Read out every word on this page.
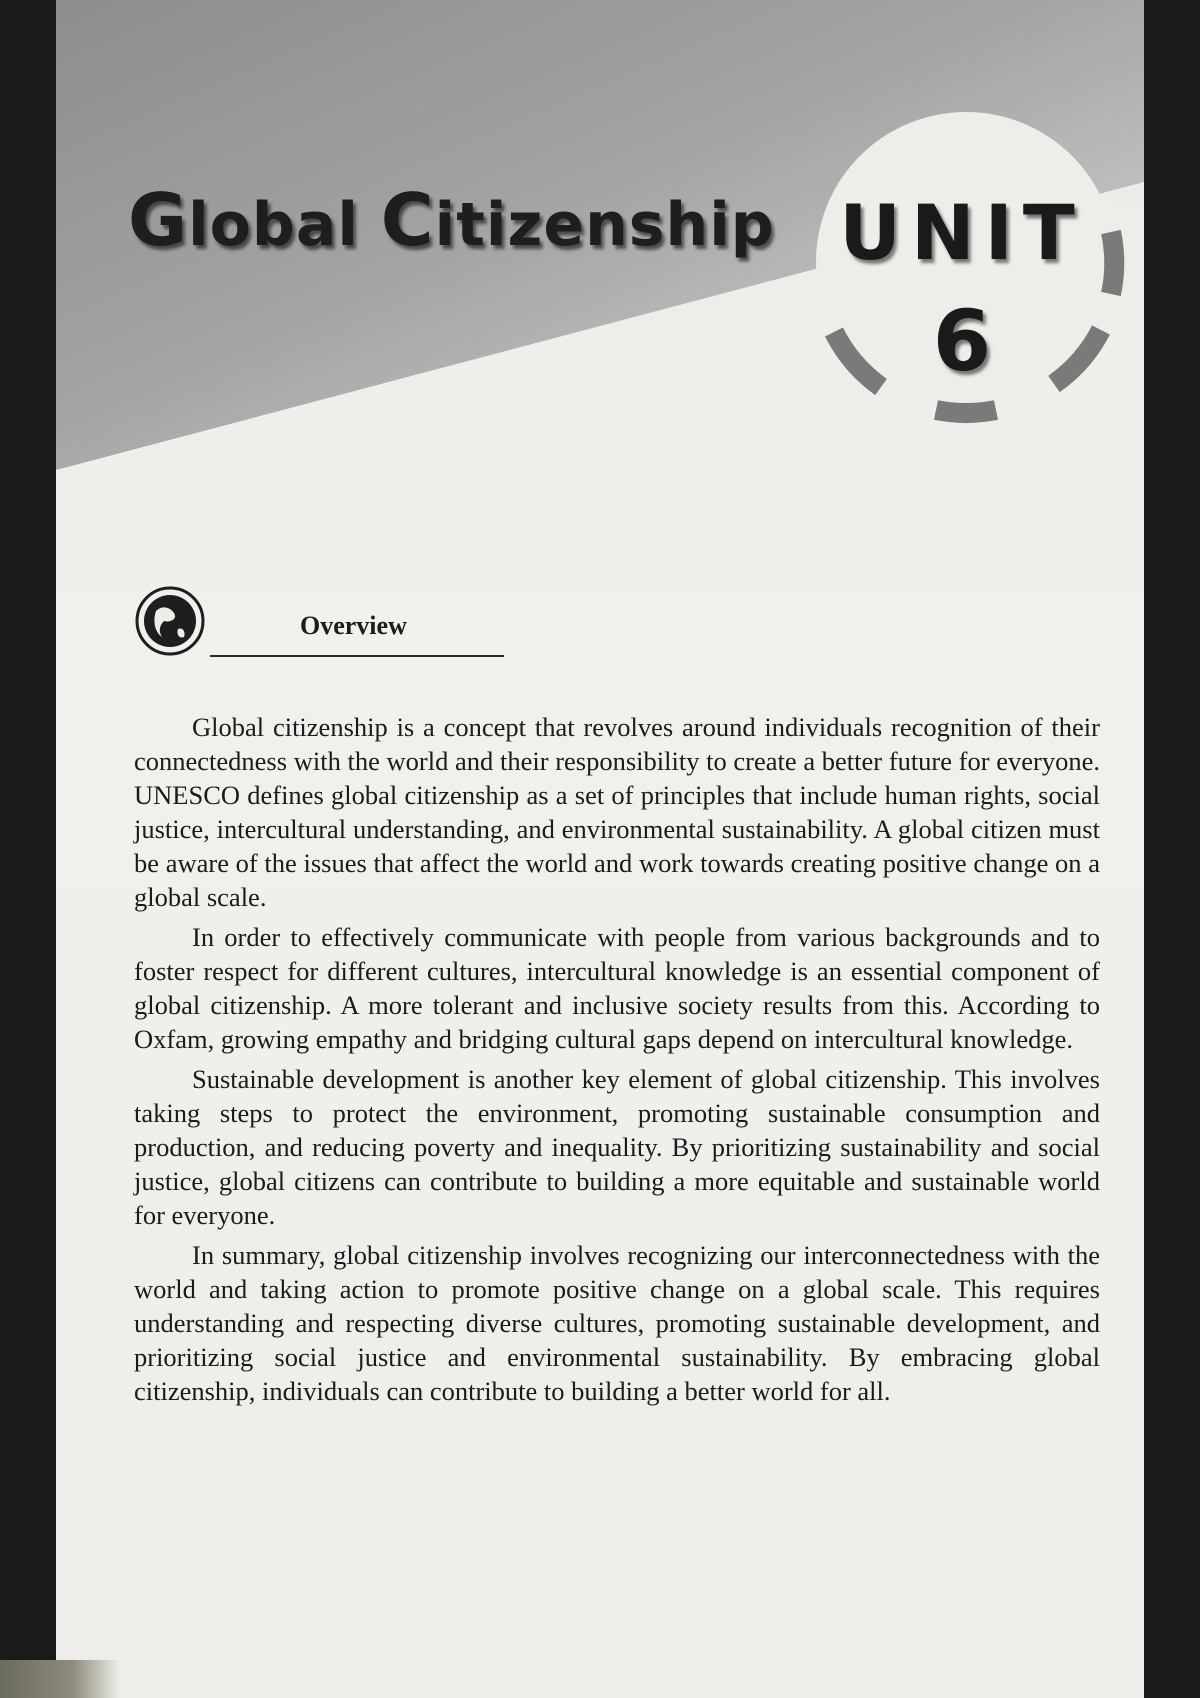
Global Citizenship UNIT
6
Overview

Global citizenship is a concept that revolves around individuals recognition of their connectedness with the world and their responsibility to create a better future for everyone. UNESCO defines global citizenship as a set of principles that include human rights, social justice, intercultural understanding, and environmental sustainability. A global citizen must be aware of the issues that affect the world and work towards creating positive change on a global scale.

In order to effectively communicate with people from various backgrounds and to foster respect for different cultures, intercultural knowledge is an essential component of global citizenship. A more tolerant and inclusive society results from this. According to Oxfam, growing empathy and bridging cultural gaps depend on intercultural knowledge.

Sustainable development is another key element of global citizenship. This involves taking steps to protect the environment, promoting sustainable consumption and production, and reducing poverty and inequality. By prioritizing sustainability and social justice, global citizens can contribute to building a more equitable and sustainable world for everyone.

In summary, global citizenship involves recognizing our interconnectedness with the world and taking action to promote positive change on a global scale. This requires understanding and respecting diverse cultures, promoting sustainable development, and prioritizing social justice and environmental sustainability. By embracing global citizenship, individuals can contribute to building a better world for all.
